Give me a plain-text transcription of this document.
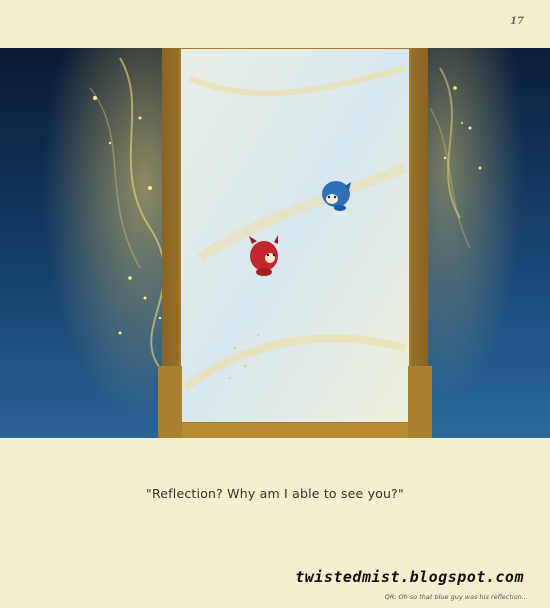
17
"Reflection? Why am I able to see you?"
twistedmist.blogspot.com
QR: Oh so that blue guy was his reflection...
